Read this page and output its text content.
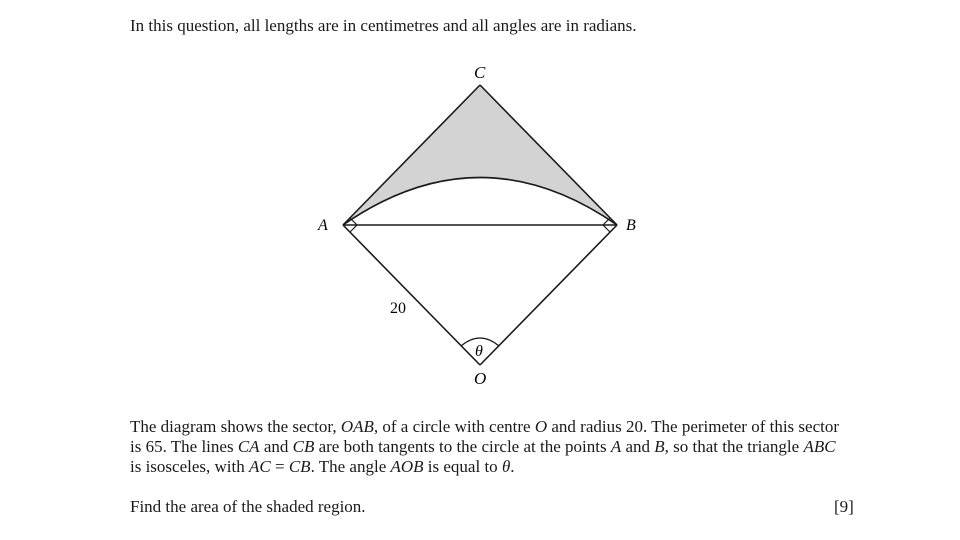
In this question, all lengths are in centimetres and all angles are in radians.

C
A	B
O
20
θ

The diagram shows the sector, OAB, of a circle with centre O and radius 20. The perimeter of this sector
is 65. The lines CA and CB are both tangents to the circle at the points A and B, so that the triangle ABC
is isosceles, with AC = CB. The angle AOB is equal to θ.

Find the area of the shaded region.	[9]
